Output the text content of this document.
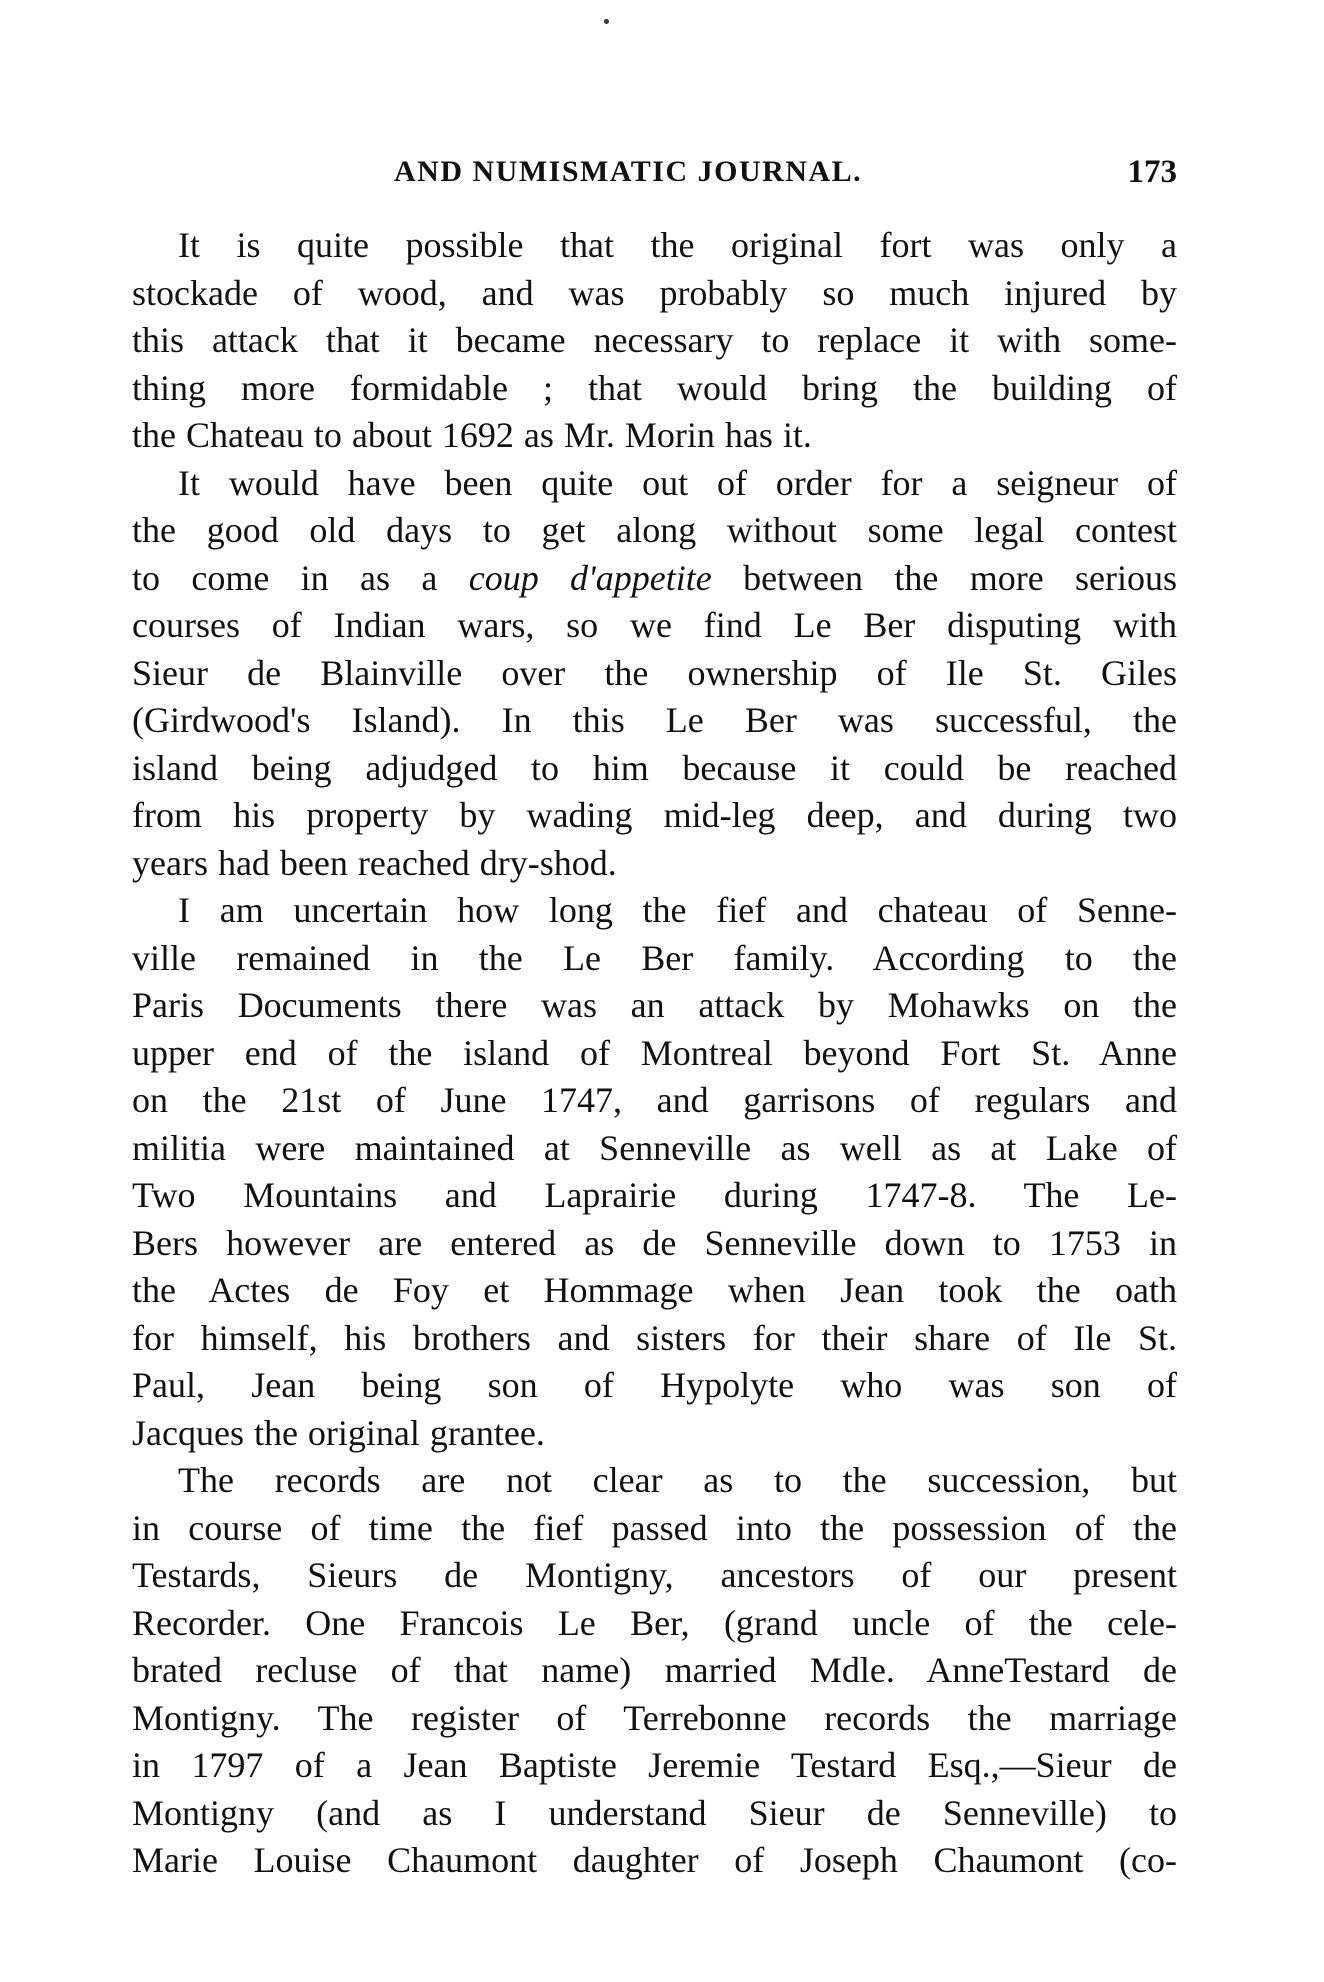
AND NUMISMATIC JOURNAL.	173
It is quite possible that the original fort was only a
stockade of wood, and was probably so much injured by
this attack that it became necessary to replace it with some-
thing more formidable ; that would bring the building of
the Chateau to about 1692 as Mr. Morin has it.
It would have been quite out of order for a seigneur of
the good old days to get along without some legal contest
to come in as a coup d'appetite between the more serious
courses of Indian wars, so we find Le Ber disputing with
Sieur de Blainville over the ownership of Ile St. Giles
(Girdwood's Island). In this Le Ber was successful, the
island being adjudged to him because it could be reached
from his property by wading mid-leg deep, and during two
years had been reached dry-shod.
I am uncertain how long the fief and chateau of Senne-
ville remained in the Le Ber family. According to the
Paris Documents there was an attack by Mohawks on the
upper end of the island of Montreal beyond Fort St. Anne
on the 21st of June 1747, and garrisons of regulars and
militia were maintained at Senneville as well as at Lake of
Two Mountains and Laprairie during 1747-8. The Le-
Bers however are entered as de Senneville down to 1753 in
the Actes de Foy et Hommage when Jean took the oath
for himself, his brothers and sisters for their share of Ile St.
Paul, Jean being son of Hypolyte who was son of
Jacques the original grantee.
The records are not clear as to the succession, but
in course of time the fief passed into the possession of the
Testards, Sieurs de Montigny, ancestors of our present
Recorder. One Francois Le Ber, (grand uncle of the cele-
brated recluse of that name) married Mdle. AnneTestard de
Montigny. The register of Terrebonne records the marriage
in 1797 of a Jean Baptiste Jeremie Testard Esq.,—Sieur de
Montigny (and as I understand Sieur de Senneville) to
Marie Louise Chaumont daughter of Joseph Chaumont (co-
